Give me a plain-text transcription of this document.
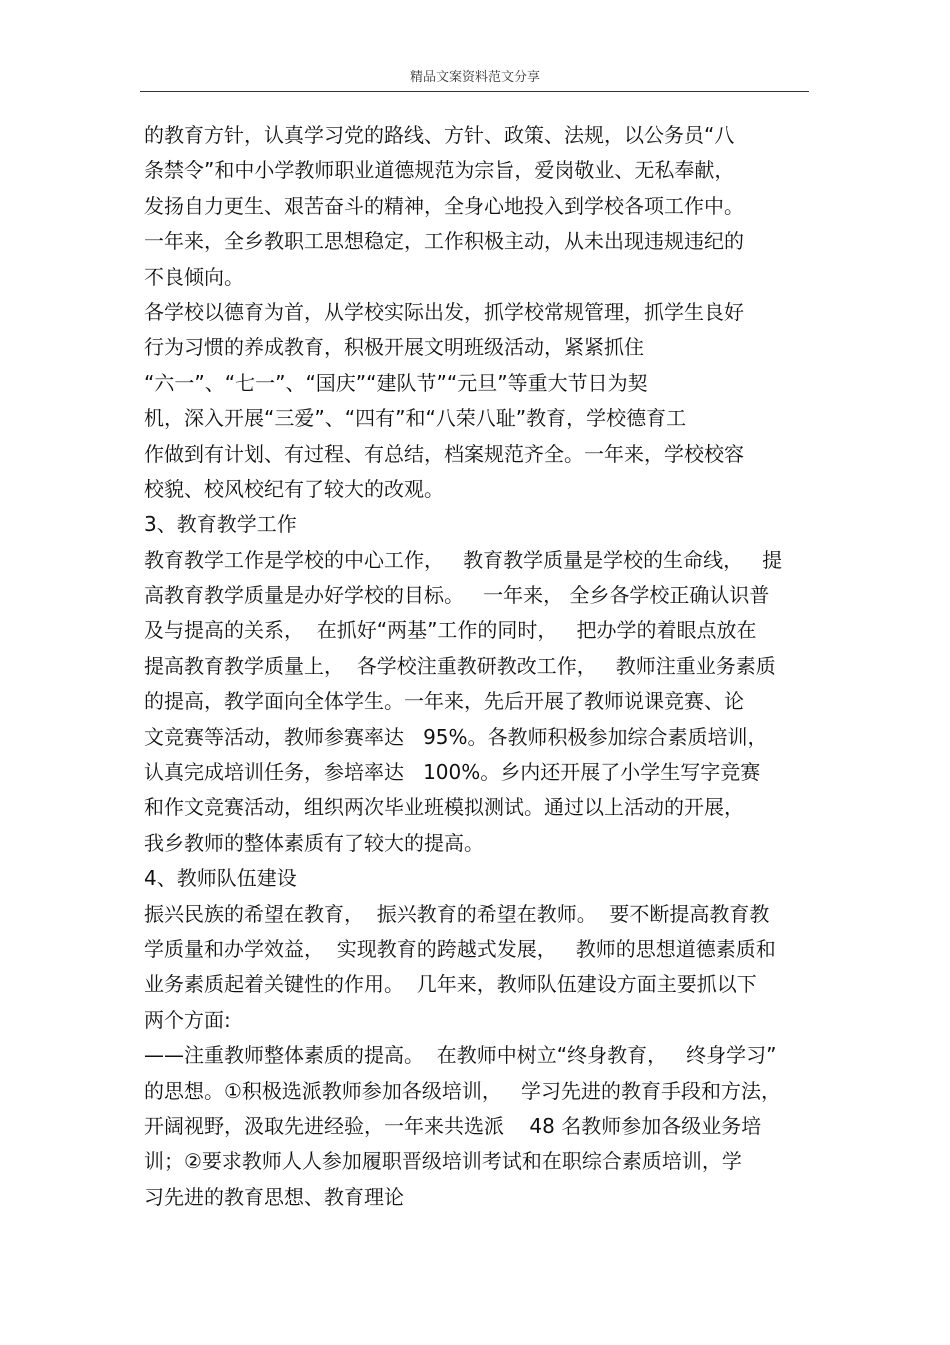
精品文案资料范文分享
的教育方针，认真学习党的路线、方针、政策、法规，以公务员“八
条禁令”和中小学教师职业道德规范为宗旨，爱岗敬业、无私奉献，
发扬自力更生、艰苦奋斗的精神，全身心地投入到学校各项工作中。
一年来，全乡教职工思想稳定，工作积极主动，从未出现违规违纪的
不良倾向。
各学校以德育为首，从学校实际出发，抓学校常规管理，抓学生良好
行为习惯的养成教育，积极开展文明班级活动，紧紧抓住
“六一”、“七一”、“国庆”“建队节”“元旦”等重大节日为契
机，深入开展“三爱”、“四有”和“八荣八耻”教育，学校德育工
作做到有计划、有过程、有总结，档案规范齐全。一年来，学校校容
校貌、校风校纪有了较大的改观。
3、教育教学工作
教育教学工作是学校的中心工作，   教育教学质量是学校的生命线，   提
高教育教学质量是办好学校的目标。   一年来， 全乡各学校正确认识普
及与提高的关系，  在抓好“两基”工作的同时，   把办学的着眼点放在
提高教育教学质量上，  各学校注重教研教改工作，   教师注重业务素质
的提高，教学面向全体学生。一年来，先后开展了教师说课竞赛、论
文竞赛等活动，教师参赛率达   95%。各教师积极参加综合素质培训，
认真完成培训任务，参培率达   100%。乡内还开展了小学生写字竞赛
和作文竞赛活动，组织两次毕业班模拟测试。通过以上活动的开展，
我乡教师的整体素质有了较大的提高。
4、教师队伍建设
振兴民族的希望在教育，  振兴教育的希望在教师。  要不断提高教育教
学质量和办学效益，  实现教育的跨越式发展，   教师的思想道德素质和
业务素质起着关键性的作用。  几年来，教师队伍建设方面主要抓以下
两个方面:
——注重教师整体素质的提高。  在教师中树立“终身教育，   终身学习”
的思想。①积极选派教师参加各级培训，   学习先进的教育手段和方法，
开阔视野，汲取先进经验，一年来共选派    48 名教师参加各级业务培
训；②要求教师人人参加履职晋级培训考试和在职综合素质培训，学
习先进的教育思想、教育理论
